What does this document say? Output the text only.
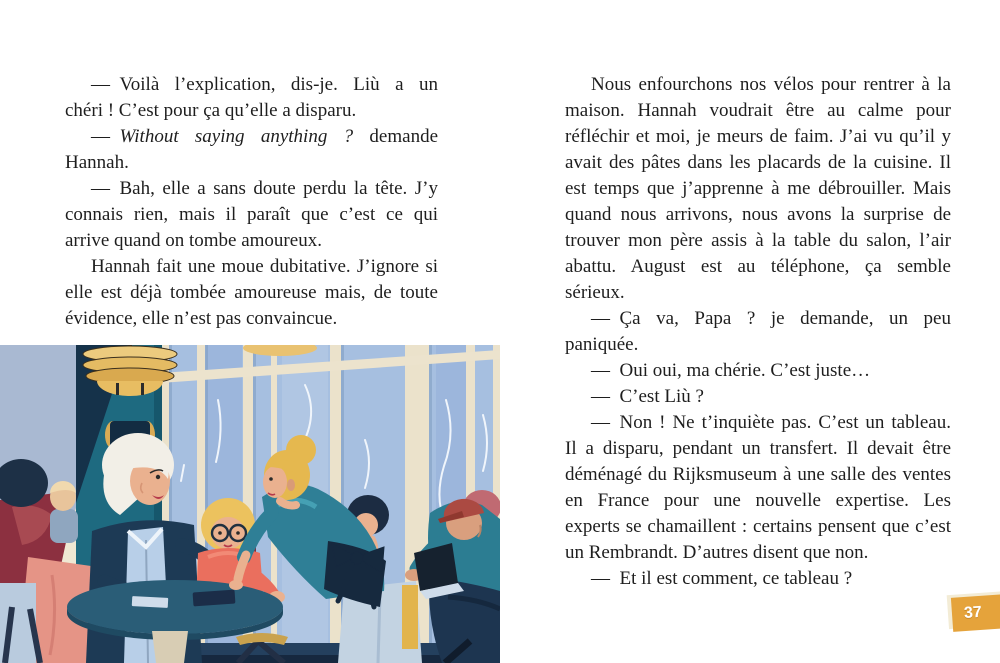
— Voilà l’explication, dis-je. Liù a un chéri ! C’est pour ça qu’elle a disparu.

— Without saying anything ? demande Hannah.

— Bah, elle a sans doute perdu la tête. J’y connais rien, mais il paraît que c’est ce qui arrive quand on tombe amoureux.

Hannah fait une moue dubitative. J’ignore si elle est déjà tombée amoureuse mais, de toute évidence, elle n’est pas convaincue.

Nous enfourchons nos vélos pour rentrer à la maison. Hannah voudrait être au calme pour réfléchir et moi, je meurs de faim. J’ai vu qu’il y avait des pâtes dans les placards de la cuisine. Il est temps que j’apprenne à me débrouiller. Mais quand nous arrivons, nous avons la surprise de trouver mon père assis à la table du salon, l’air abattu. August est au téléphone, ça semble sérieux.

— Ça va, Papa ? je demande, un peu paniquée.

— Oui oui, ma chérie. C’est juste…

— C’est Liù ?

— Non ! Ne t’inquiète pas. C’est un tableau. Il a disparu, pendant un transfert. Il devait être déménagé du Rijksmuseum à une salle des ventes en France pour une nouvelle expertise. Les experts se chamaillent : certains pensent que c’est un Rembrandt. D’autres disent que non.

— Et il est comment, ce tableau ?

37
